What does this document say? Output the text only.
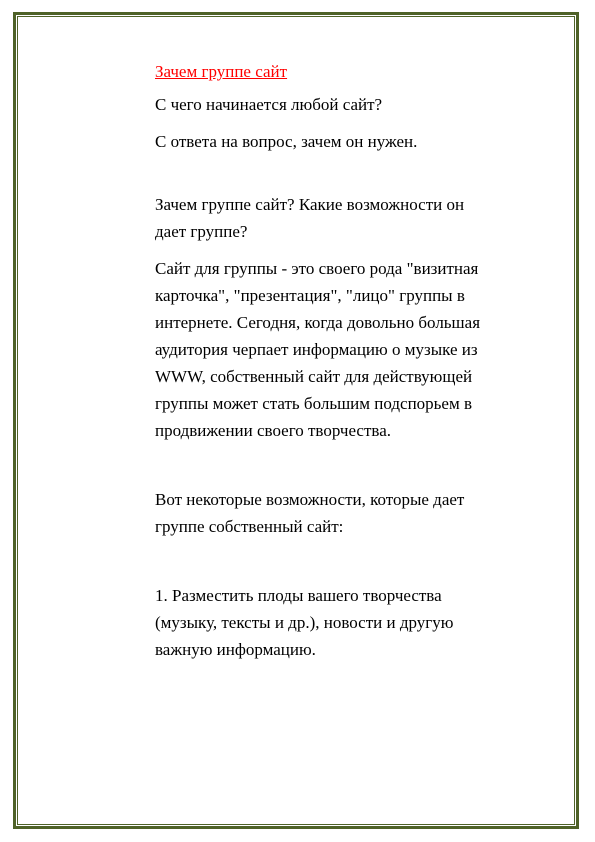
Зачем группе сайт

С чего начинается любой сайт?

С ответа на вопрос, зачем он нужен.

Зачем группе сайт? Какие возможности он дает группе?

Сайт для группы - это своего рода "визитная карточка", "презентация", "лицо" группы в интернете. Сегодня, когда довольно большая аудитория черпает информацию о музыке из WWW, собственный сайт для действующей группы может стать большим подспорьем в продвижении своего творчества.

Вот некоторые возможности, которые дает группе собственный сайт:

1. Разместить плоды вашего творчества (музыку, тексты и др.), новости и другую важную информацию.
